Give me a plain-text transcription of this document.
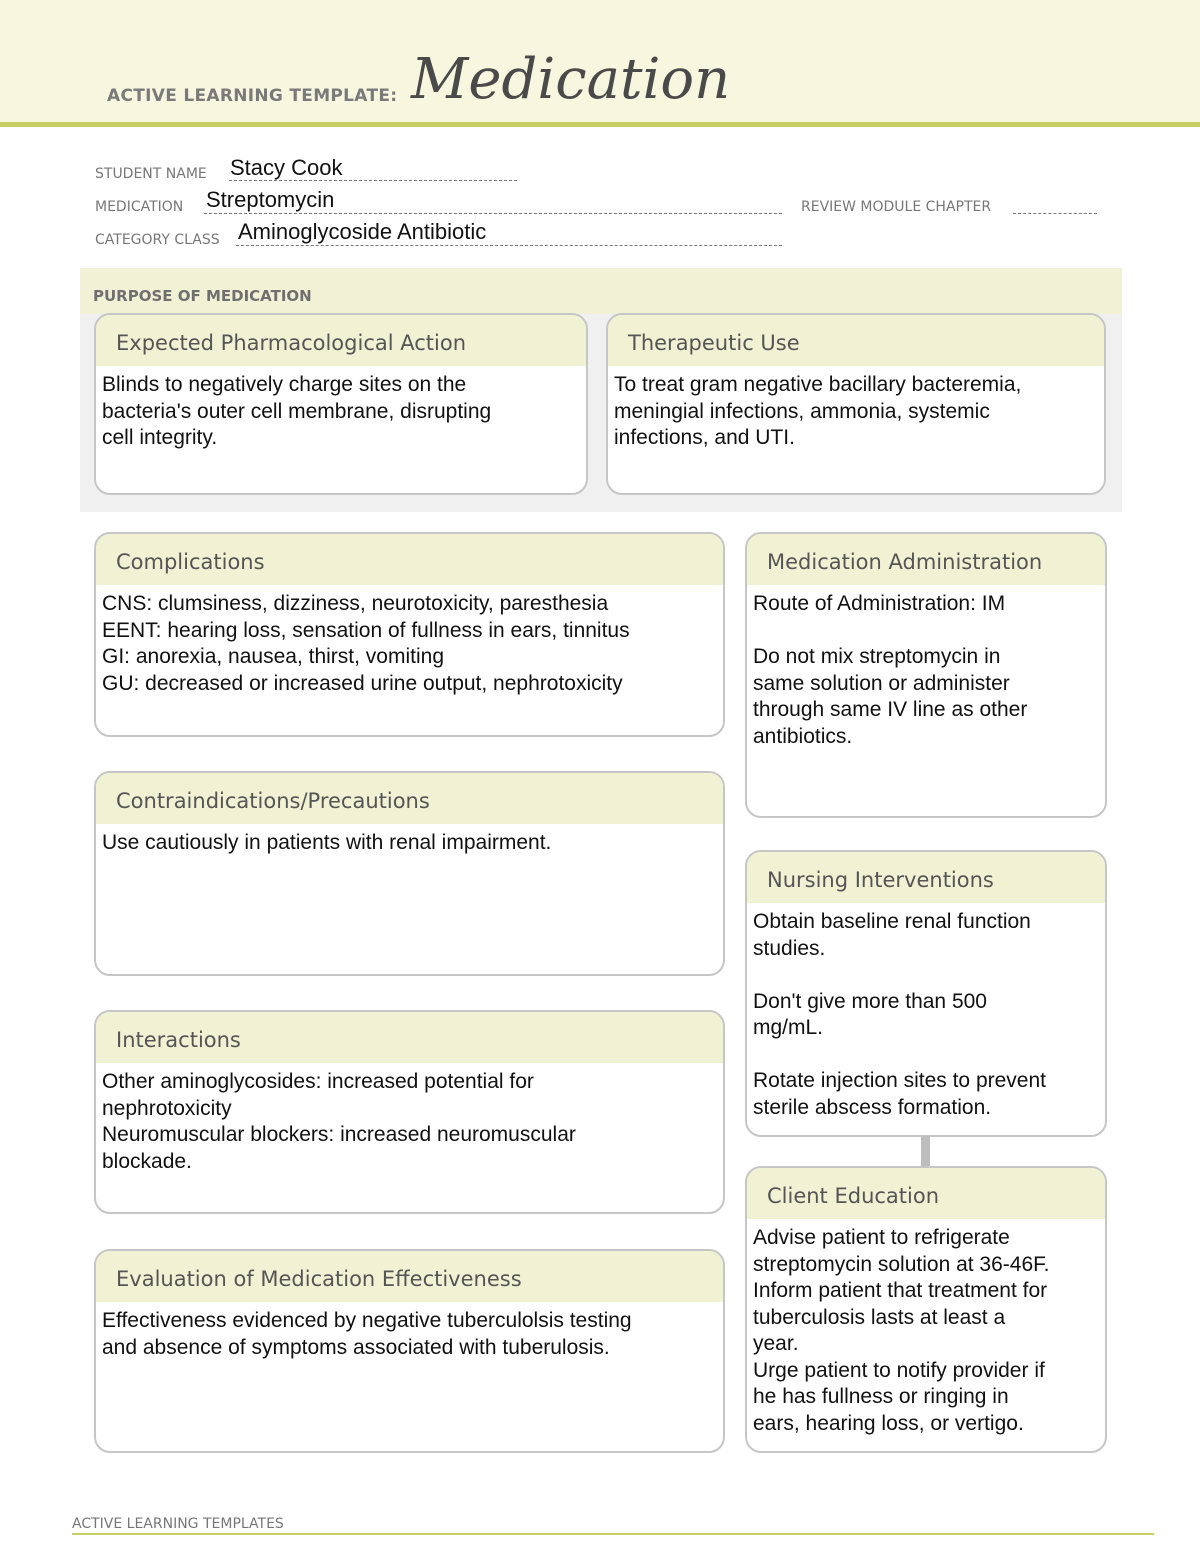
ACTIVE LEARNING TEMPLATE: Medication
STUDENT NAME Stacy Cook
MEDICATION Streptomycin	REVIEW MODULE CHAPTER
CATEGORY CLASS Aminoglycoside Antibiotic
PURPOSE OF MEDICATION
Expected Pharmacological Action
Blinds to negatively charge sites on the
bacteria's outer cell membrane, disrupting
cell integrity.
Therapeutic Use
To treat gram negative bacillary bacteremia,
meningial infections, ammonia, systemic
infections, and UTI.
Complications
CNS: clumsiness, dizziness, neurotoxicity, paresthesia
EENT: hearing loss, sensation of fullness in ears, tinnitus
GI: anorexia, nausea, thirst, vomiting
GU: decreased or increased urine output, nephrotoxicity
Medication Administration
Route of Administration: IM
Do not mix streptomycin in
same solution or administer
through same IV line as other
antibiotics.
Contraindications/Precautions
Use cautiously in patients with renal impairment.
Nursing Interventions
Obtain baseline renal function
studies.
Don't give more than 500
mg/mL.
Rotate injection sites to prevent
sterile abscess formation.
Interactions
Other aminoglycosides: increased potential for
nephrotoxicity
Neuromuscular blockers: increased neuromuscular
blockade.
Client Education
Advise patient to refrigerate
streptomycin solution at 36-46F.
Inform patient that treatment for
tuberculosis lasts at least a
year.
Urge patient to notify provider if
he has fullness or ringing in
ears, hearing loss, or vertigo.
Evaluation of Medication Effectiveness
Effectiveness evidenced by negative tuberculolsis testing
and absence of symptoms associated with tuberulosis.
ACTIVE LEARNING TEMPLATES
